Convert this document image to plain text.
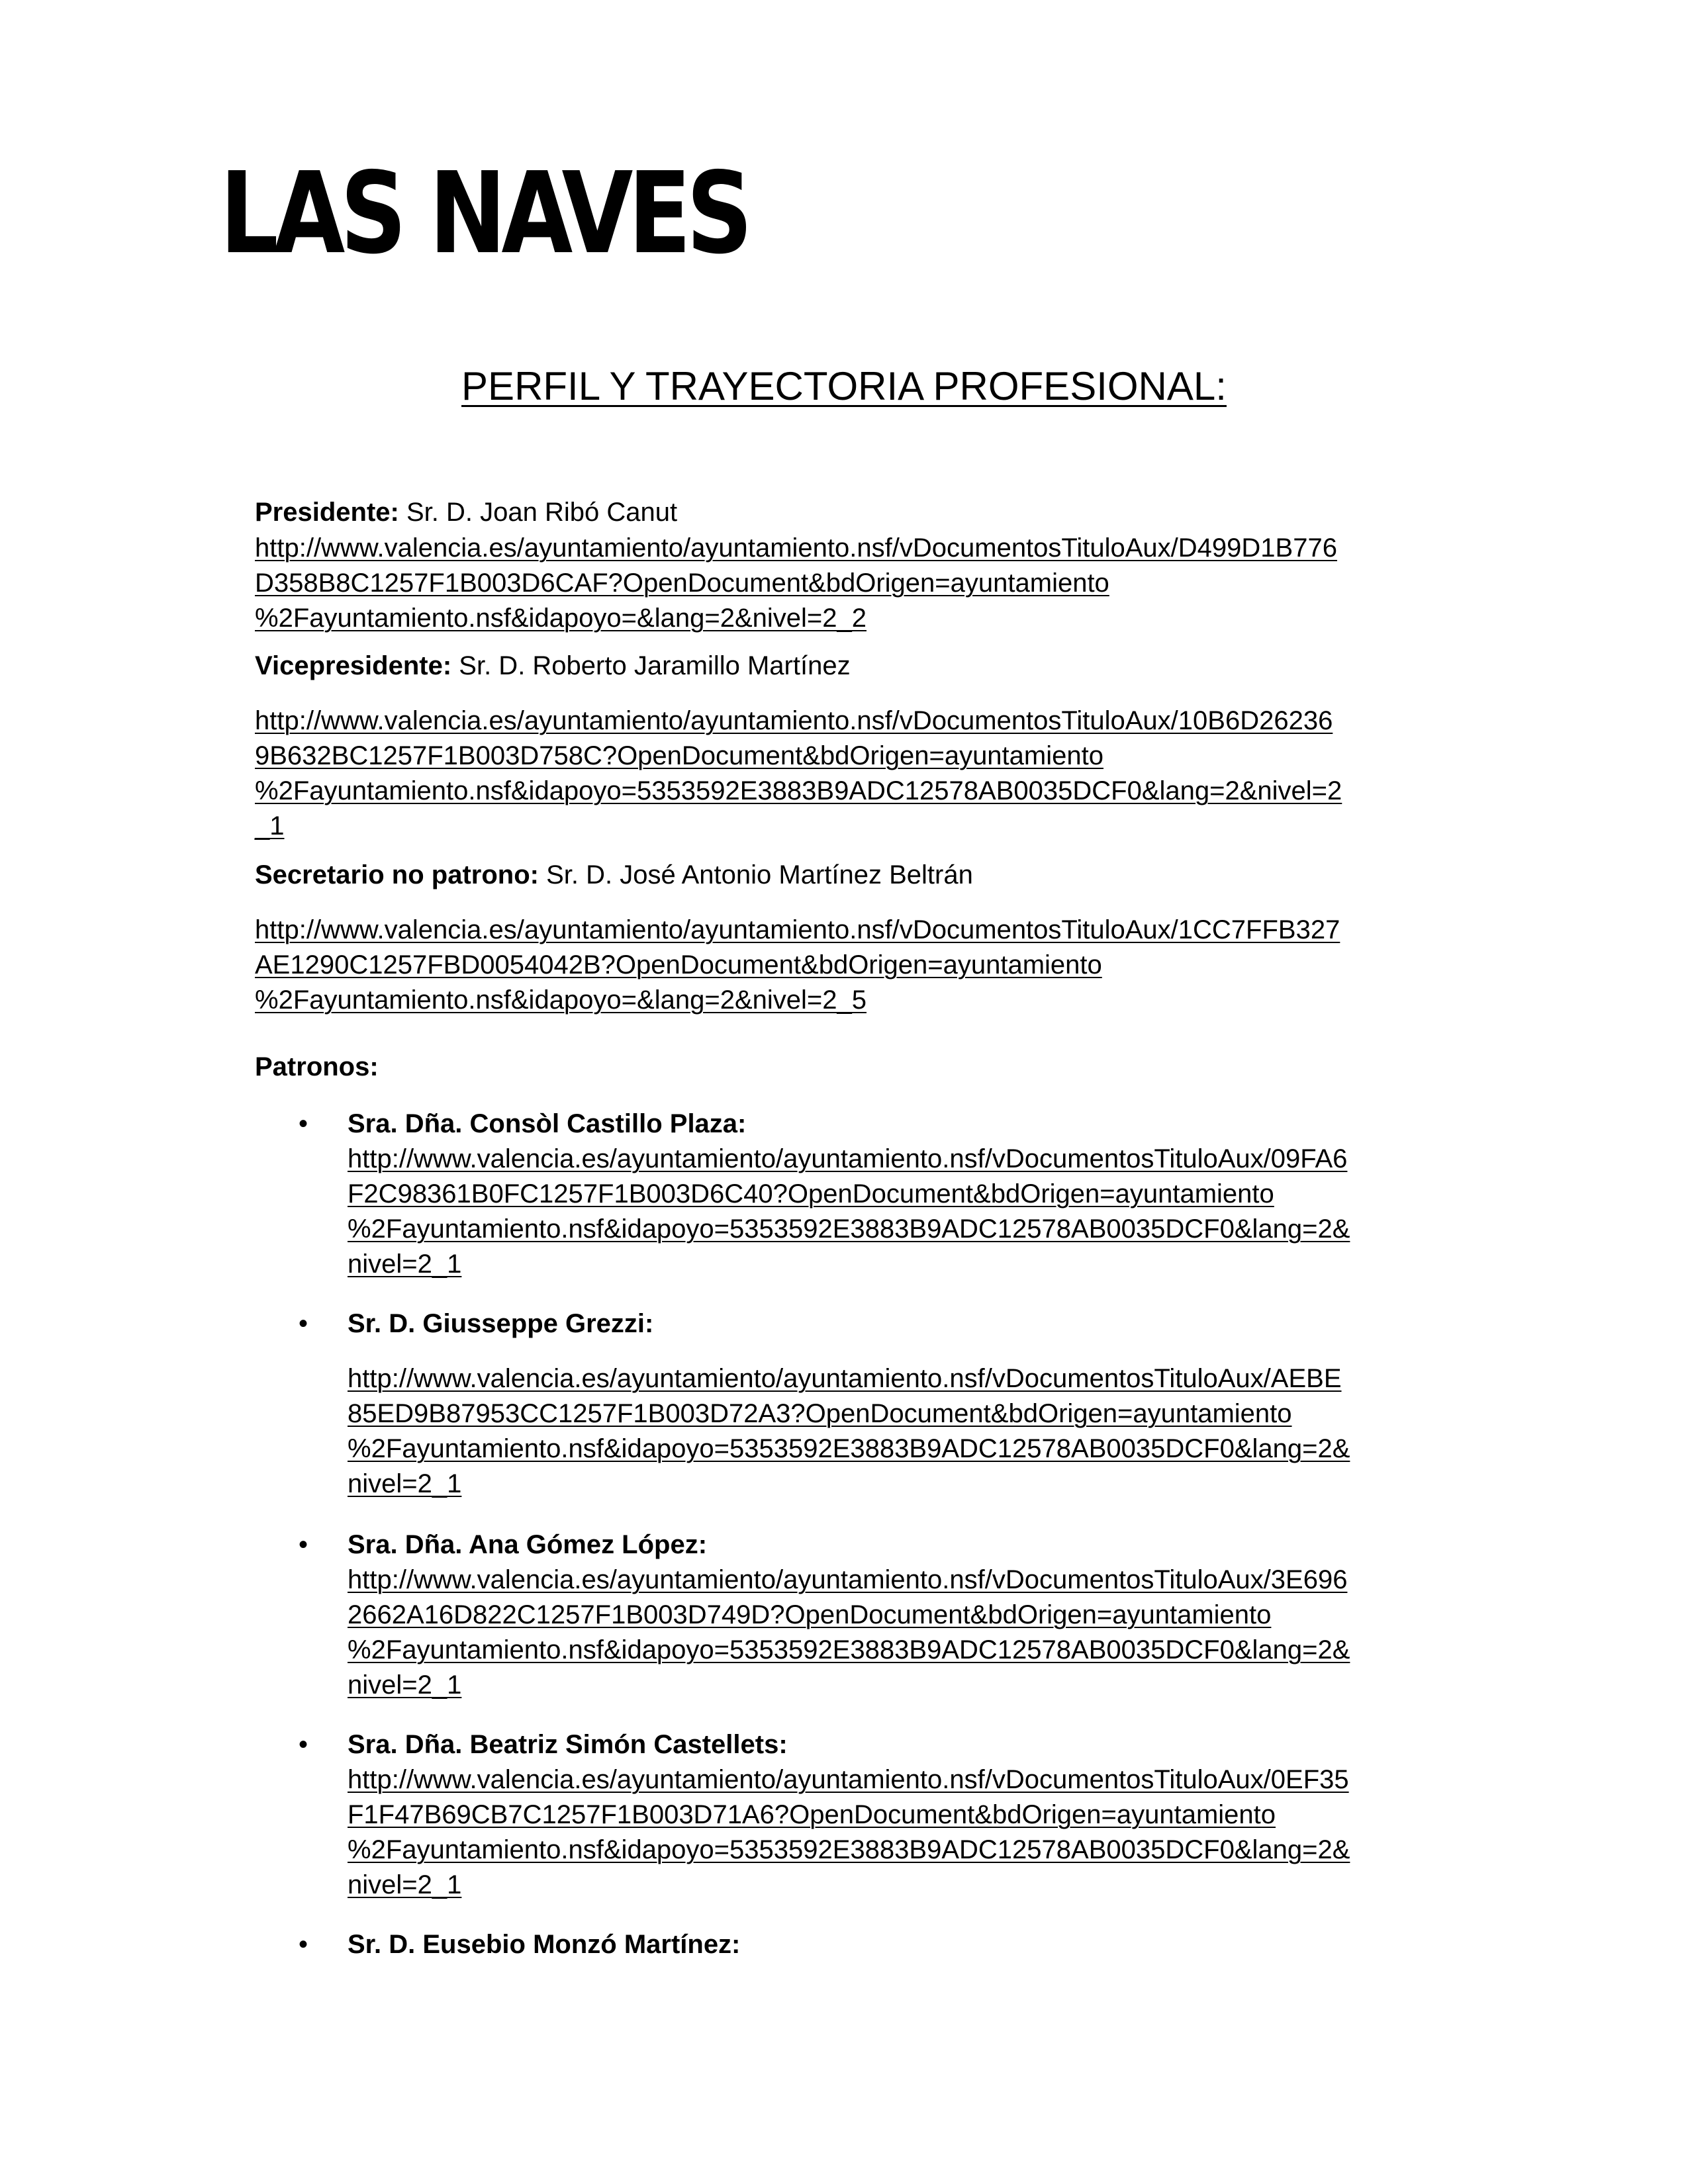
LAS NAVES
PERFIL Y TRAYECTORIA PROFESIONAL:
Presidente: Sr. D. Joan Ribó Canut
http://www.valencia.es/ayuntamiento/ayuntamiento.nsf/vDocumentosTituloAux/D499D1B776
D358B8C1257F1B003D6CAF?OpenDocument&bdOrigen=ayuntamiento
%2Fayuntamiento.nsf&idapoyo=&lang=2&nivel=2_2
Vicepresidente: Sr. D. Roberto Jaramillo Martínez
http://www.valencia.es/ayuntamiento/ayuntamiento.nsf/vDocumentosTituloAux/10B6D26236
9B632BC1257F1B003D758C?OpenDocument&bdOrigen=ayuntamiento
%2Fayuntamiento.nsf&idapoyo=5353592E3883B9ADC12578AB0035DCF0&lang=2&nivel=2
_1
Secretario no patrono: Sr. D. José Antonio Martínez Beltrán
http://www.valencia.es/ayuntamiento/ayuntamiento.nsf/vDocumentosTituloAux/1CC7FFB327
AE1290C1257FBD0054042B?OpenDocument&bdOrigen=ayuntamiento
%2Fayuntamiento.nsf&idapoyo=&lang=2&nivel=2_5
Patronos:
• Sra. Dña. Consòl Castillo Plaza:
http://www.valencia.es/ayuntamiento/ayuntamiento.nsf/vDocumentosTituloAux/09FA6
F2C98361B0FC1257F1B003D6C40?OpenDocument&bdOrigen=ayuntamiento
%2Fayuntamiento.nsf&idapoyo=5353592E3883B9ADC12578AB0035DCF0&lang=2&
nivel=2_1
• Sr. D. Giusseppe Grezzi:
http://www.valencia.es/ayuntamiento/ayuntamiento.nsf/vDocumentosTituloAux/AEBE
85ED9B87953CC1257F1B003D72A3?OpenDocument&bdOrigen=ayuntamiento
%2Fayuntamiento.nsf&idapoyo=5353592E3883B9ADC12578AB0035DCF0&lang=2&
nivel=2_1
• Sra. Dña. Ana Gómez López:
http://www.valencia.es/ayuntamiento/ayuntamiento.nsf/vDocumentosTituloAux/3E696
2662A16D822C1257F1B003D749D?OpenDocument&bdOrigen=ayuntamiento
%2Fayuntamiento.nsf&idapoyo=5353592E3883B9ADC12578AB0035DCF0&lang=2&
nivel=2_1
• Sra. Dña. Beatriz Simón Castellets:
http://www.valencia.es/ayuntamiento/ayuntamiento.nsf/vDocumentosTituloAux/0EF35
F1F47B69CB7C1257F1B003D71A6?OpenDocument&bdOrigen=ayuntamiento
%2Fayuntamiento.nsf&idapoyo=5353592E3883B9ADC12578AB0035DCF0&lang=2&
nivel=2_1
• Sr. D. Eusebio Monzó Martínez:
